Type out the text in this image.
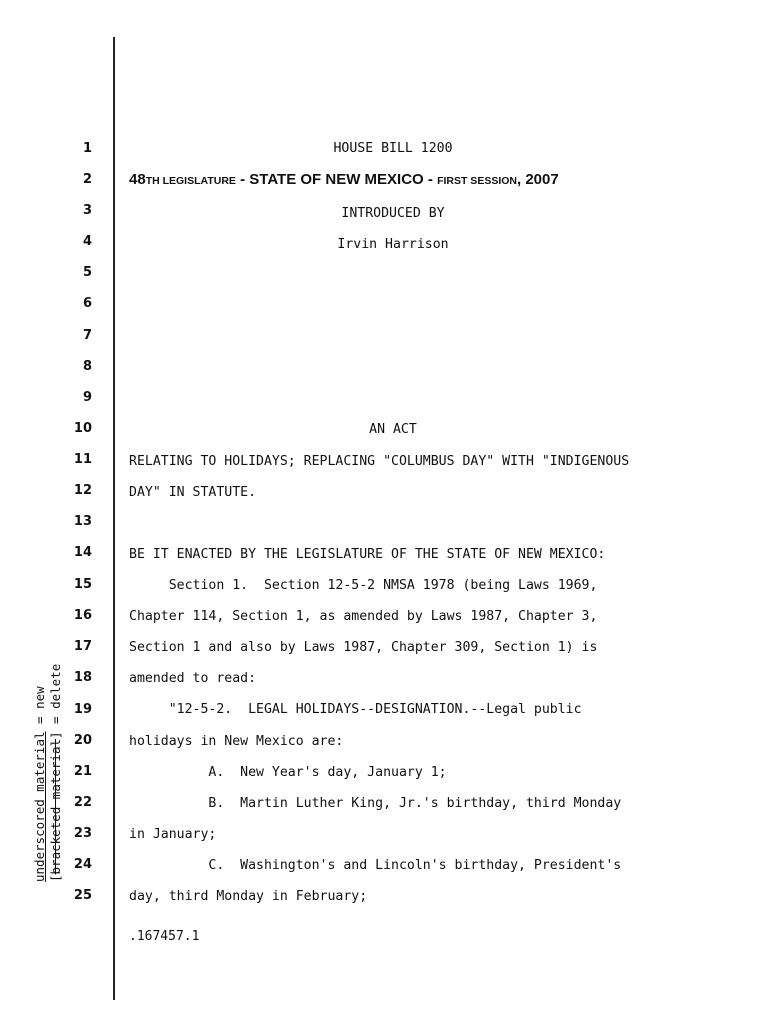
1
2
3
4
5
6
7
8
9
10
11
12
13
14
15
16
17
18
19
20
21
22
23
24
25
HOUSE BILL 1200
48TH LEGISLATURE - STATE OF NEW MEXICO - FIRST SESSION, 2007
INTRODUCED BY
Irvin Harrison
AN ACT
RELATING TO HOLIDAYS; REPLACING "COLUMBUS DAY" WITH "INDIGENOUS
DAY" IN STATUTE.
BE IT ENACTED BY THE LEGISLATURE OF THE STATE OF NEW MEXICO:
Section 1.  Section 12-5-2 NMSA 1978 (being Laws 1969,
Chapter 114, Section 1, as amended by Laws 1987, Chapter 3,
Section 1 and also by Laws 1987, Chapter 309, Section 1) is
amended to read:
"12-5-2.  LEGAL HOLIDAYS--DESIGNATION.--Legal public
holidays in New Mexico are:
A.  New Year's day, January 1;
B.  Martin Luther King, Jr.'s birthday, third Monday
in January;
C.  Washington's and Lincoln's birthday, President's
day, third Monday in February;
underscored material = new
[bracketed material] = delete
.167457.1
